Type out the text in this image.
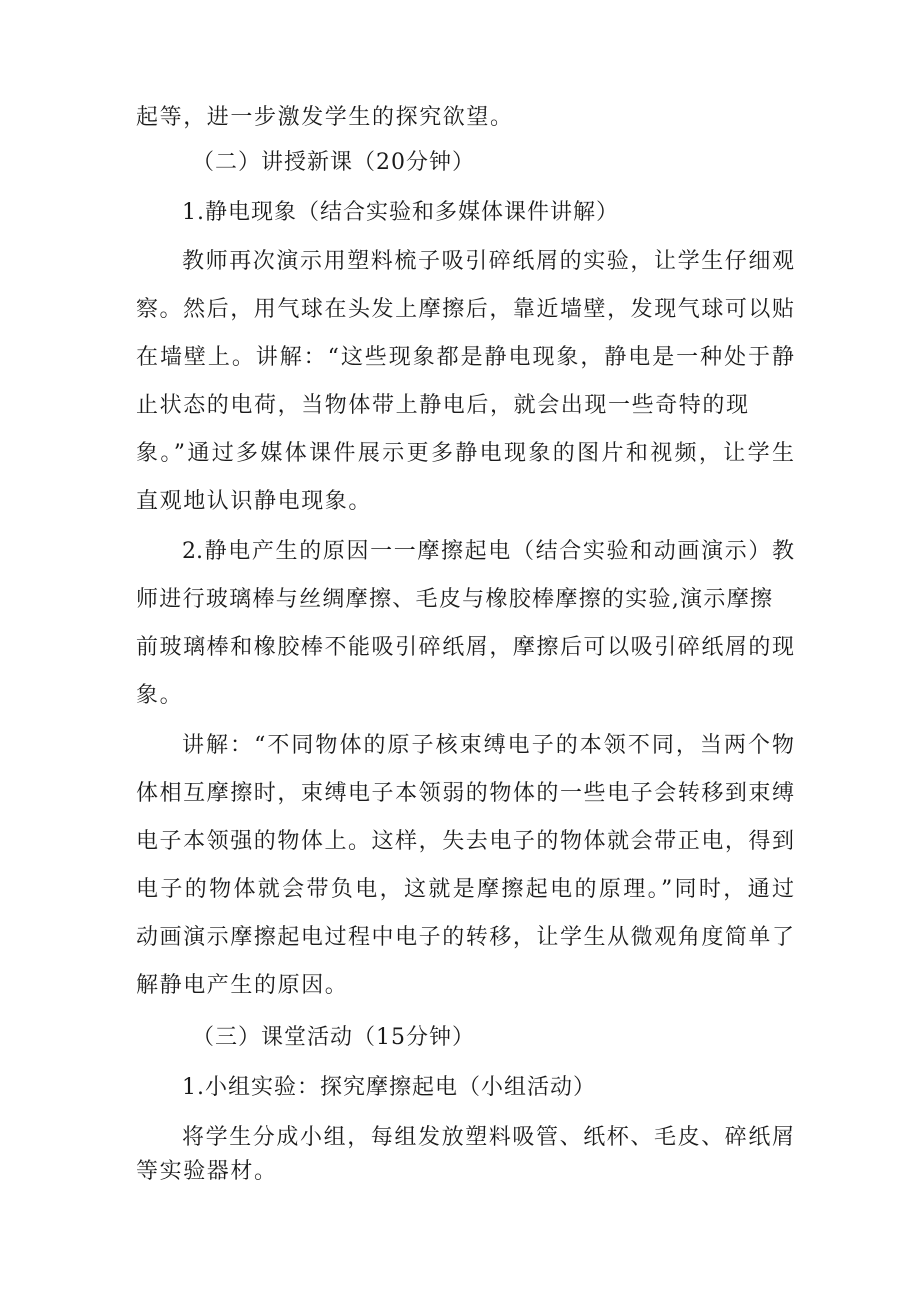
起等，进一步激发学生的探究欲望。
（二）讲授新课（20分钟）
1.静电现象（结合实验和多媒体课件讲解）
教师再次演示用塑料梳子吸引碎纸屑的实验，让学生仔细观
察。然后，用气球在头发上摩擦后，靠近墙壁，发现气球可以贴
在墙壁上。讲解：“这些现象都是静电现象，静电是一种处于静
止状态的电荷，当物体带上静电后，就会出现一些奇特的现
象。”通过多媒体课件展示更多静电现象的图片和视频，让学生
直观地认识静电现象。
2.静电产生的原因一一摩擦起电（结合实验和动画演示）教
师进行玻璃棒与丝绸摩擦、毛皮与橡胶棒摩擦的实验,演示摩擦
前玻璃棒和橡胶棒不能吸引碎纸屑，摩擦后可以吸引碎纸屑的现
象。
讲解：“不同物体的原子核束缚电子的本领不同，当两个物
体相互摩擦时，束缚电子本领弱的物体的一些电子会转移到束缚
电子本领强的物体上。这样，失去电子的物体就会带正电，得到
电子的物体就会带负电，这就是摩擦起电的原理。”同时，通过
动画演示摩擦起电过程中电子的转移，让学生从微观角度简单了
解静电产生的原因。
（三）课堂活动（15分钟）
1.小组实验：探究摩擦起电（小组活动）
将学生分成小组，每组发放塑料吸管、纸杯、毛皮、碎纸屑
等实验器材。
